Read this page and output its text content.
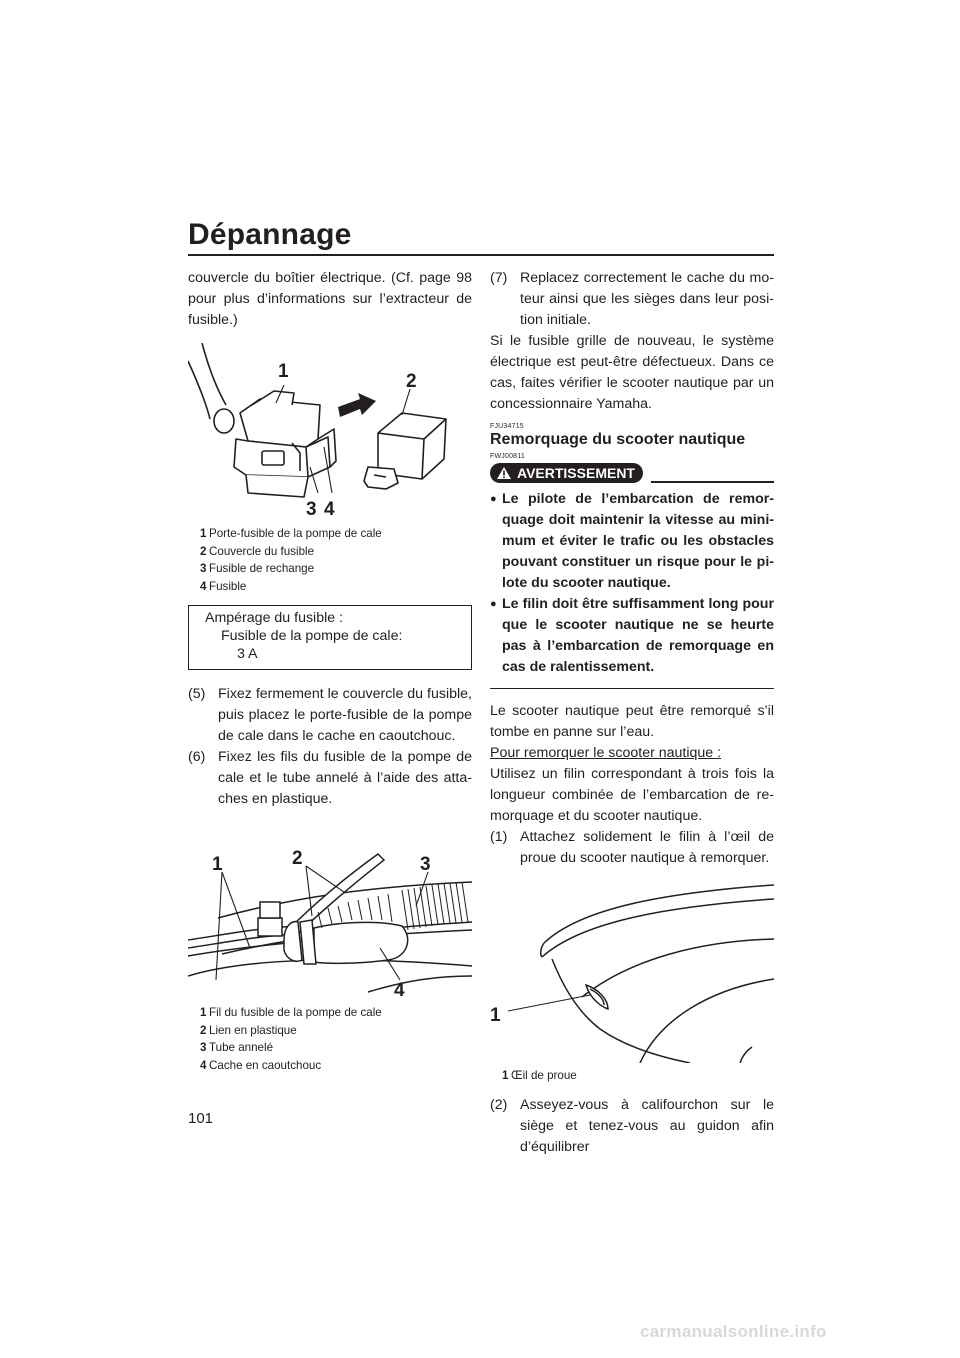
Dépannage

couvercle du boîtier électrique. (Cf. page 98 pour plus d’informations sur l’extracteur de fusible.)

1	2
3 4
1 Porte-fusible de la pompe de cale
2 Couvercle du fusible
3 Fusible de rechange
4 Fusible
Ampérage du fusible :
Fusible de la pompe de cale:
3 A
(5) Fixez fermement le couvercle du fusible, puis placez le porte-fusible de la pompe de cale dans le cache en caoutchouc.
(6) Fixez les fils du fusible de la pompe de cale et le tube annelé à l’aide des attaches en plastique.
1	2	3
4
1 Fil du fusible de la pompe de cale
2 Lien en plastique
3 Tube annelé
4 Cache en caoutchouc
(7) Replacez correctement le cache du moteur ainsi que les sièges dans leur position initiale.

Si le fusible grille de nouveau, le système électrique est peut-être défectueux. Dans ce cas, faites vérifier le scooter nautique par un concessionnaire Yamaha.

FJU34715
Remorquage du scooter nautique
FWJ00811
AVERTISSEMENT
● Le pilote de l’embarcation de remorquage doit maintenir la vitesse au minimum et éviter le trafic ou les obstacles pouvant constituer un risque pour le pilote du scooter nautique.
● Le filin doit être suffisamment long pour que le scooter nautique ne se heurte pas à l’embarcation de remorquage en cas de ralentissement.

Le scooter nautique peut être remorqué s’il tombe en panne sur l’eau.

Pour remorquer le scooter nautique :

Utilisez un filin correspondant à trois fois la longueur combinée de l’embarcation de remorquage et du scooter nautique.

(1) Attachez solidement le filin à l’œil de proue du scooter nautique à remorquer.
1
1 Œil de proue
(2) Asseyez-vous à califourchon sur le siège et tenez-vous au guidon afin d’équilibrer
101
carmanualsonline.info
